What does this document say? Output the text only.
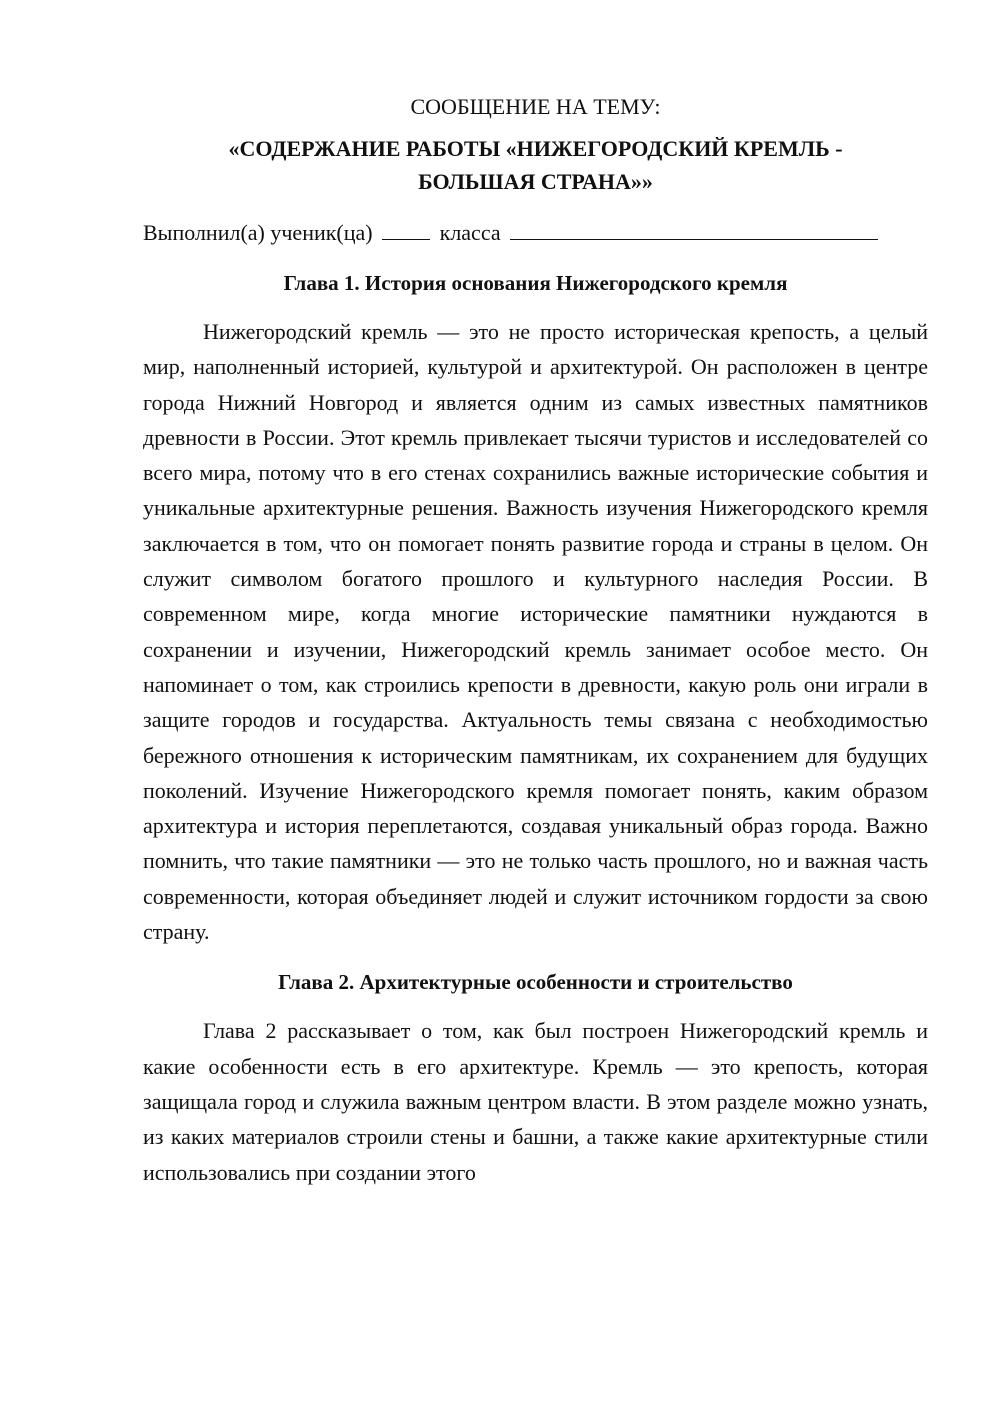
СООБЩЕНИЕ НА ТЕМУ:
«СОДЕРЖАНИЕ РАБОТЫ «НИЖЕГОРОДСКИЙ КРЕМЛЬ -
БОЛЬШАЯ СТРАНА»»
Выполнил(а) ученик(ца)	класса
Глава 1. История основания Нижегородского кремля

Нижегородский кремль — это не просто историческая крепость, а целый мир, наполненный историей, культурой и архитектурой. Он расположен в центре города Нижний Новгород и является одним из самых известных памятников древности в России. Этот кремль привлекает тысячи туристов и исследователей со всего мира, потому что в его стенах сохранились важные исторические события и уникальные архитектурные решения. Важность изучения Нижегородского кремля заключается в том, что он помогает понять развитие города и страны в целом. Он служит символом богатого прошлого и культурного наследия России. В современном мире, когда многие исторические памятники нуждаются в сохранении и изучении, Нижегородский кремль занимает особое место. Он напоминает о том, как строились крепости в древности, какую роль они играли в защите городов и государства. Актуальность темы связана с необходимостью бережного отношения к историческим памятникам, их сохранением для будущих поколений. Изучение Нижегородского кремля помогает понять, каким образом архитектура и история переплетаются, создавая уникальный образ города. Важно помнить, что такие памятники — это не только часть прошлого, но и важная часть современности, которая объединяет людей и служит источником гордости за свою страну.

Глава 2. Архитектурные особенности и строительство

Глава 2 рассказывает о том, как был построен Нижегородский кремль и какие особенности есть в его архитектуре. Кремль — это крепость, которая защищала город и служила важным центром власти. В этом разделе можно узнать, из каких материалов строили стены и башни, а также какие архитектурные стили использовались при создании этого
